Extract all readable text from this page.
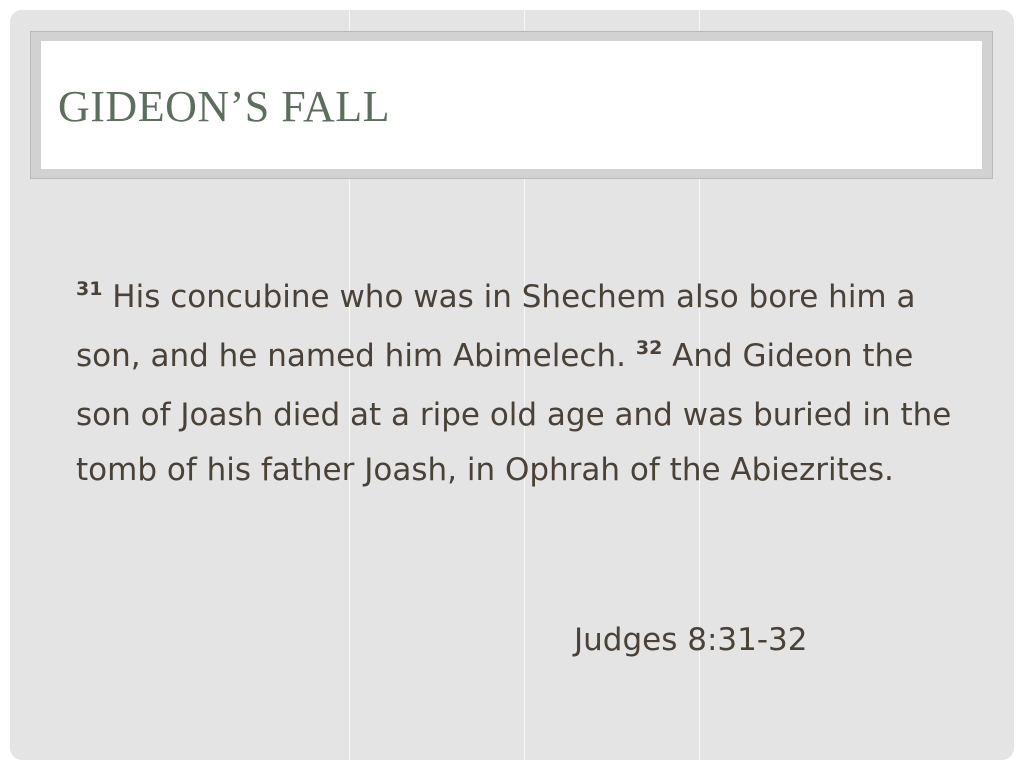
GIDEON’S FALL

$^{31}$ His concubine who was in Shechem also bore him a son, and he named him Abimelech. $^{32}$ And Gideon the son of Joash died at a ripe old age and was buried in the tomb of his father Joash, in Ophrah of the Abiezrites.

Judges 8:31-32
